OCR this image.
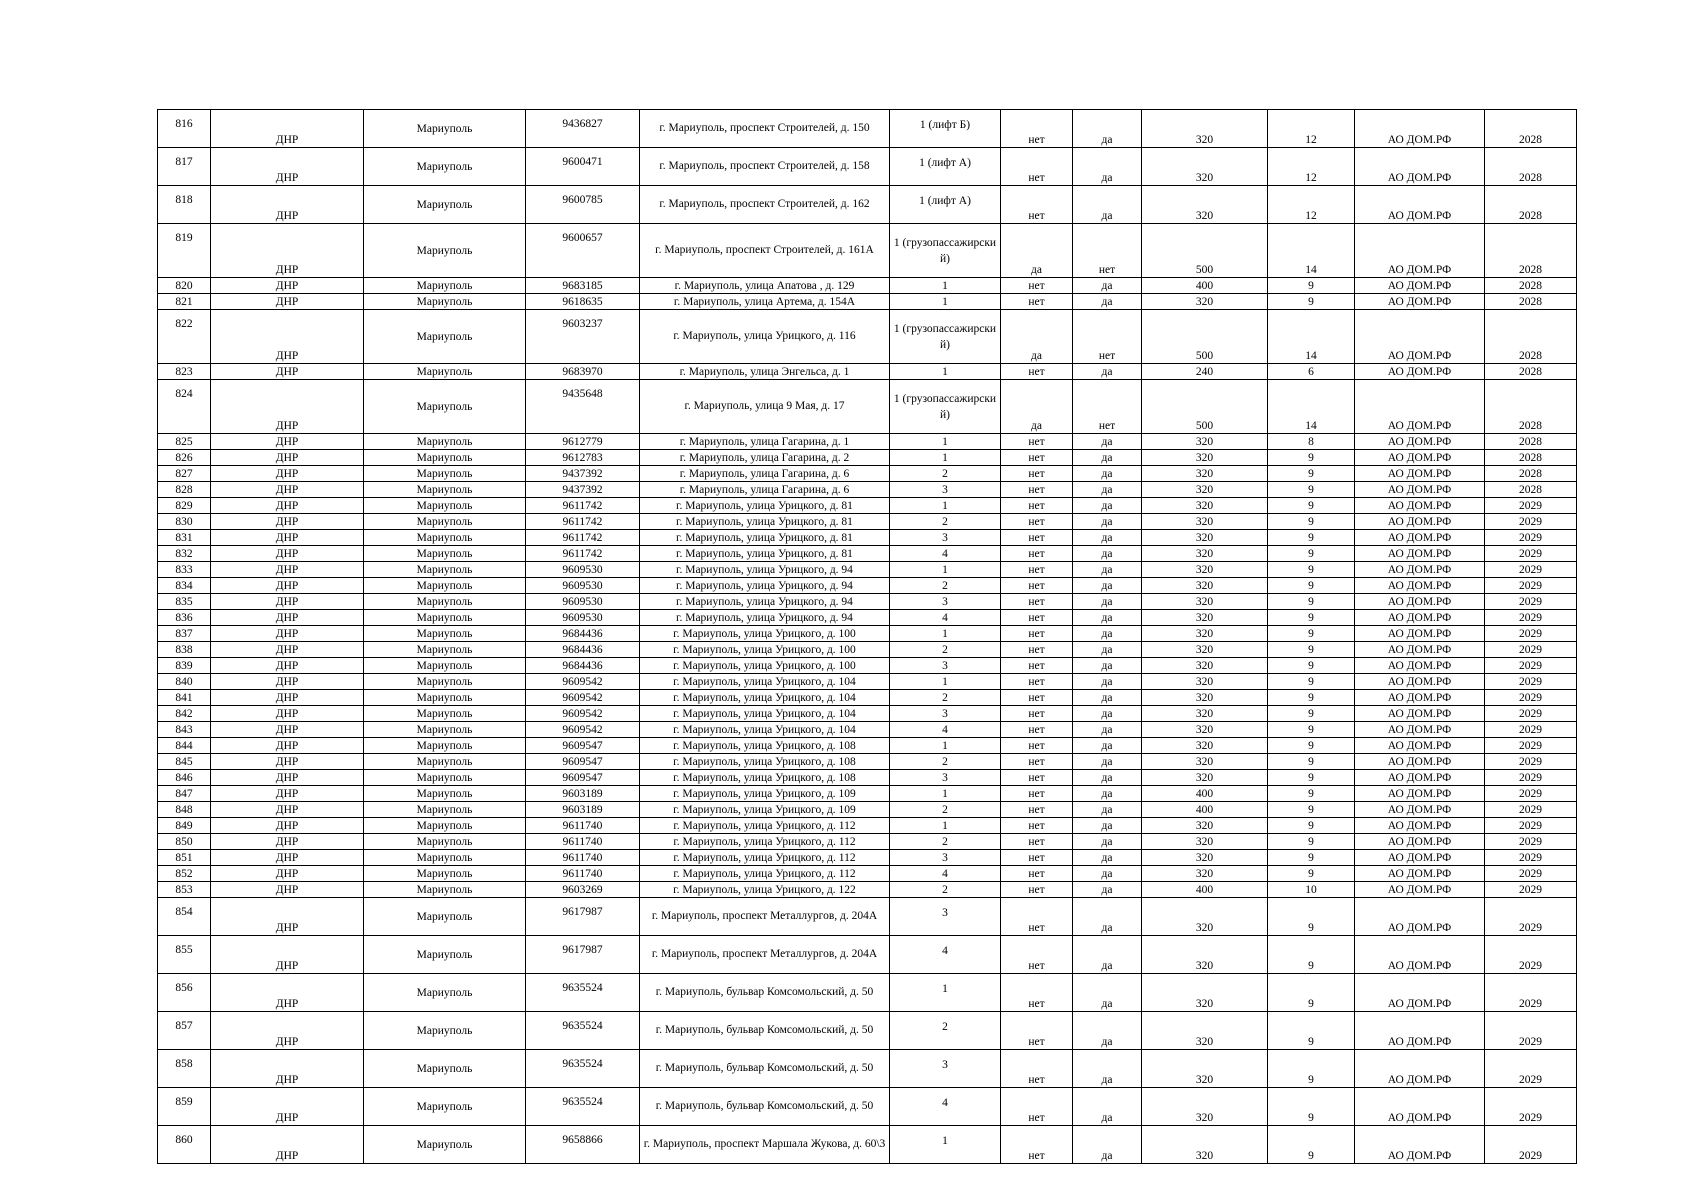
816	ДНР	Мариуполь	9436827	г. Мариуполь, проспект Строителей, д. 150	1 (лифт Б)	нет	да	320	12	АО ДОМ.РФ	2028
817	ДНР	Мариуполь	9600471	г. Мариуполь, проспект Строителей, д. 158	1 (лифт А)	нет	да	320	12	АО ДОМ.РФ	2028
818	ДНР	Мариуполь	9600785	г. Мариуполь, проспект Строителей, д. 162	1 (лифт А)	нет	да	320	12	АО ДОМ.РФ	2028
819	ДНР	Мариуполь	9600657	г. Мариуполь, проспект Строителей, д. 161А	1 (грузопассажирский)	да	нет	500	14	АО ДОМ.РФ	2028
820	ДНР	Мариуполь	9683185	г. Мариуполь, улица Апатова , д. 129	1	нет	да	400	9	АО ДОМ.РФ	2028
821	ДНР	Мариуполь	9618635	г. Мариуполь, улица Артема, д. 154А	1	нет	да	320	9	АО ДОМ.РФ	2028
822	ДНР	Мариуполь	9603237	г. Мариуполь, улица Урицкого, д. 116	1 (грузопассажирский)	да	нет	500	14	АО ДОМ.РФ	2028
823	ДНР	Мариуполь	9683970	г. Мариуполь, улица Энгельса, д. 1	1	нет	да	240	6	АО ДОМ.РФ	2028
824	ДНР	Мариуполь	9435648	г. Мариуполь, улица 9 Мая, д. 17	1 (грузопассажирский)	да	нет	500	14	АО ДОМ.РФ	2028
825	ДНР	Мариуполь	9612779	г. Мариуполь, улица Гагарина, д. 1	1	нет	да	320	8	АО ДОМ.РФ	2028
826	ДНР	Мариуполь	9612783	г. Мариуполь, улица Гагарина, д. 2	1	нет	да	320	9	АО ДОМ.РФ	2028
827	ДНР	Мариуполь	9437392	г. Мариуполь, улица Гагарина, д. 6	2	нет	да	320	9	АО ДОМ.РФ	2028
828	ДНР	Мариуполь	9437392	г. Мариуполь, улица Гагарина, д. 6	3	нет	да	320	9	АО ДОМ.РФ	2028
829	ДНР	Мариуполь	9611742	г. Мариуполь, улица Урицкого, д. 81	1	нет	да	320	9	АО ДОМ.РФ	2029
830	ДНР	Мариуполь	9611742	г. Мариуполь, улица Урицкого, д. 81	2	нет	да	320	9	АО ДОМ.РФ	2029
831	ДНР	Мариуполь	9611742	г. Мариуполь, улица Урицкого, д. 81	3	нет	да	320	9	АО ДОМ.РФ	2029
832	ДНР	Мариуполь	9611742	г. Мариуполь, улица Урицкого, д. 81	4	нет	да	320	9	АО ДОМ.РФ	2029
833	ДНР	Мариуполь	9609530	г. Мариуполь, улица Урицкого, д. 94	1	нет	да	320	9	АО ДОМ.РФ	2029
834	ДНР	Мариуполь	9609530	г. Мариуполь, улица Урицкого, д. 94	2	нет	да	320	9	АО ДОМ.РФ	2029
835	ДНР	Мариуполь	9609530	г. Мариуполь, улица Урицкого, д. 94	3	нет	да	320	9	АО ДОМ.РФ	2029
836	ДНР	Мариуполь	9609530	г. Мариуполь, улица Урицкого, д. 94	4	нет	да	320	9	АО ДОМ.РФ	2029
837	ДНР	Мариуполь	9684436	г. Мариуполь, улица Урицкого, д. 100	1	нет	да	320	9	АО ДОМ.РФ	2029
838	ДНР	Мариуполь	9684436	г. Мариуполь, улица Урицкого, д. 100	2	нет	да	320	9	АО ДОМ.РФ	2029
839	ДНР	Мариуполь	9684436	г. Мариуполь, улица Урицкого, д. 100	3	нет	да	320	9	АО ДОМ.РФ	2029
840	ДНР	Мариуполь	9609542	г. Мариуполь, улица Урицкого, д. 104	1	нет	да	320	9	АО ДОМ.РФ	2029
841	ДНР	Мариуполь	9609542	г. Мариуполь, улица Урицкого, д. 104	2	нет	да	320	9	АО ДОМ.РФ	2029
842	ДНР	Мариуполь	9609542	г. Мариуполь, улица Урицкого, д. 104	3	нет	да	320	9	АО ДОМ.РФ	2029
843	ДНР	Мариуполь	9609542	г. Мариуполь, улица Урицкого, д. 104	4	нет	да	320	9	АО ДОМ.РФ	2029
844	ДНР	Мариуполь	9609547	г. Мариуполь, улица Урицкого, д. 108	1	нет	да	320	9	АО ДОМ.РФ	2029
845	ДНР	Мариуполь	9609547	г. Мариуполь, улица Урицкого, д. 108	2	нет	да	320	9	АО ДОМ.РФ	2029
846	ДНР	Мариуполь	9609547	г. Мариуполь, улица Урицкого, д. 108	3	нет	да	320	9	АО ДОМ.РФ	2029
847	ДНР	Мариуполь	9603189	г. Мариуполь, улица Урицкого, д. 109	1	нет	да	400	9	АО ДОМ.РФ	2029
848	ДНР	Мариуполь	9603189	г. Мариуполь, улица Урицкого, д. 109	2	нет	да	400	9	АО ДОМ.РФ	2029
849	ДНР	Мариуполь	9611740	г. Мариуполь, улица Урицкого, д. 112	1	нет	да	320	9	АО ДОМ.РФ	2029
850	ДНР	Мариуполь	9611740	г. Мариуполь, улица Урицкого, д. 112	2	нет	да	320	9	АО ДОМ.РФ	2029
851	ДНР	Мариуполь	9611740	г. Мариуполь, улица Урицкого, д. 112	3	нет	да	320	9	АО ДОМ.РФ	2029
852	ДНР	Мариуполь	9611740	г. Мариуполь, улица Урицкого, д. 112	4	нет	да	320	9	АО ДОМ.РФ	2029
853	ДНР	Мариуполь	9603269	г. Мариуполь, улица Урицкого, д. 122	2	нет	да	400	10	АО ДОМ.РФ	2029
854	ДНР	Мариуполь	9617987	г. Мариуполь, проспект Металлургов, д. 204А	3	нет	да	320	9	АО ДОМ.РФ	2029
855	ДНР	Мариуполь	9617987	г. Мариуполь, проспект Металлургов, д. 204А	4	нет	да	320	9	АО ДОМ.РФ	2029
856	ДНР	Мариуполь	9635524	г. Мариуполь, бульвар Комсомольский, д. 50	1	нет	да	320	9	АО ДОМ.РФ	2029
857	ДНР	Мариуполь	9635524	г. Мариуполь, бульвар Комсомольский, д. 50	2	нет	да	320	9	АО ДОМ.РФ	2029
858	ДНР	Мариуполь	9635524	г. Мариуполь, бульвар Комсомольский, д. 50	3	нет	да	320	9	АО ДОМ.РФ	2029
859	ДНР	Мариуполь	9635524	г. Мариуполь, бульвар Комсомольский, д. 50	4	нет	да	320	9	АО ДОМ.РФ	2029
860	ДНР	Мариуполь	9658866	г. Мариуполь, проспект Маршала Жукова, д. 60\3	1	нет	да	320	9	АО ДОМ.РФ	2029
